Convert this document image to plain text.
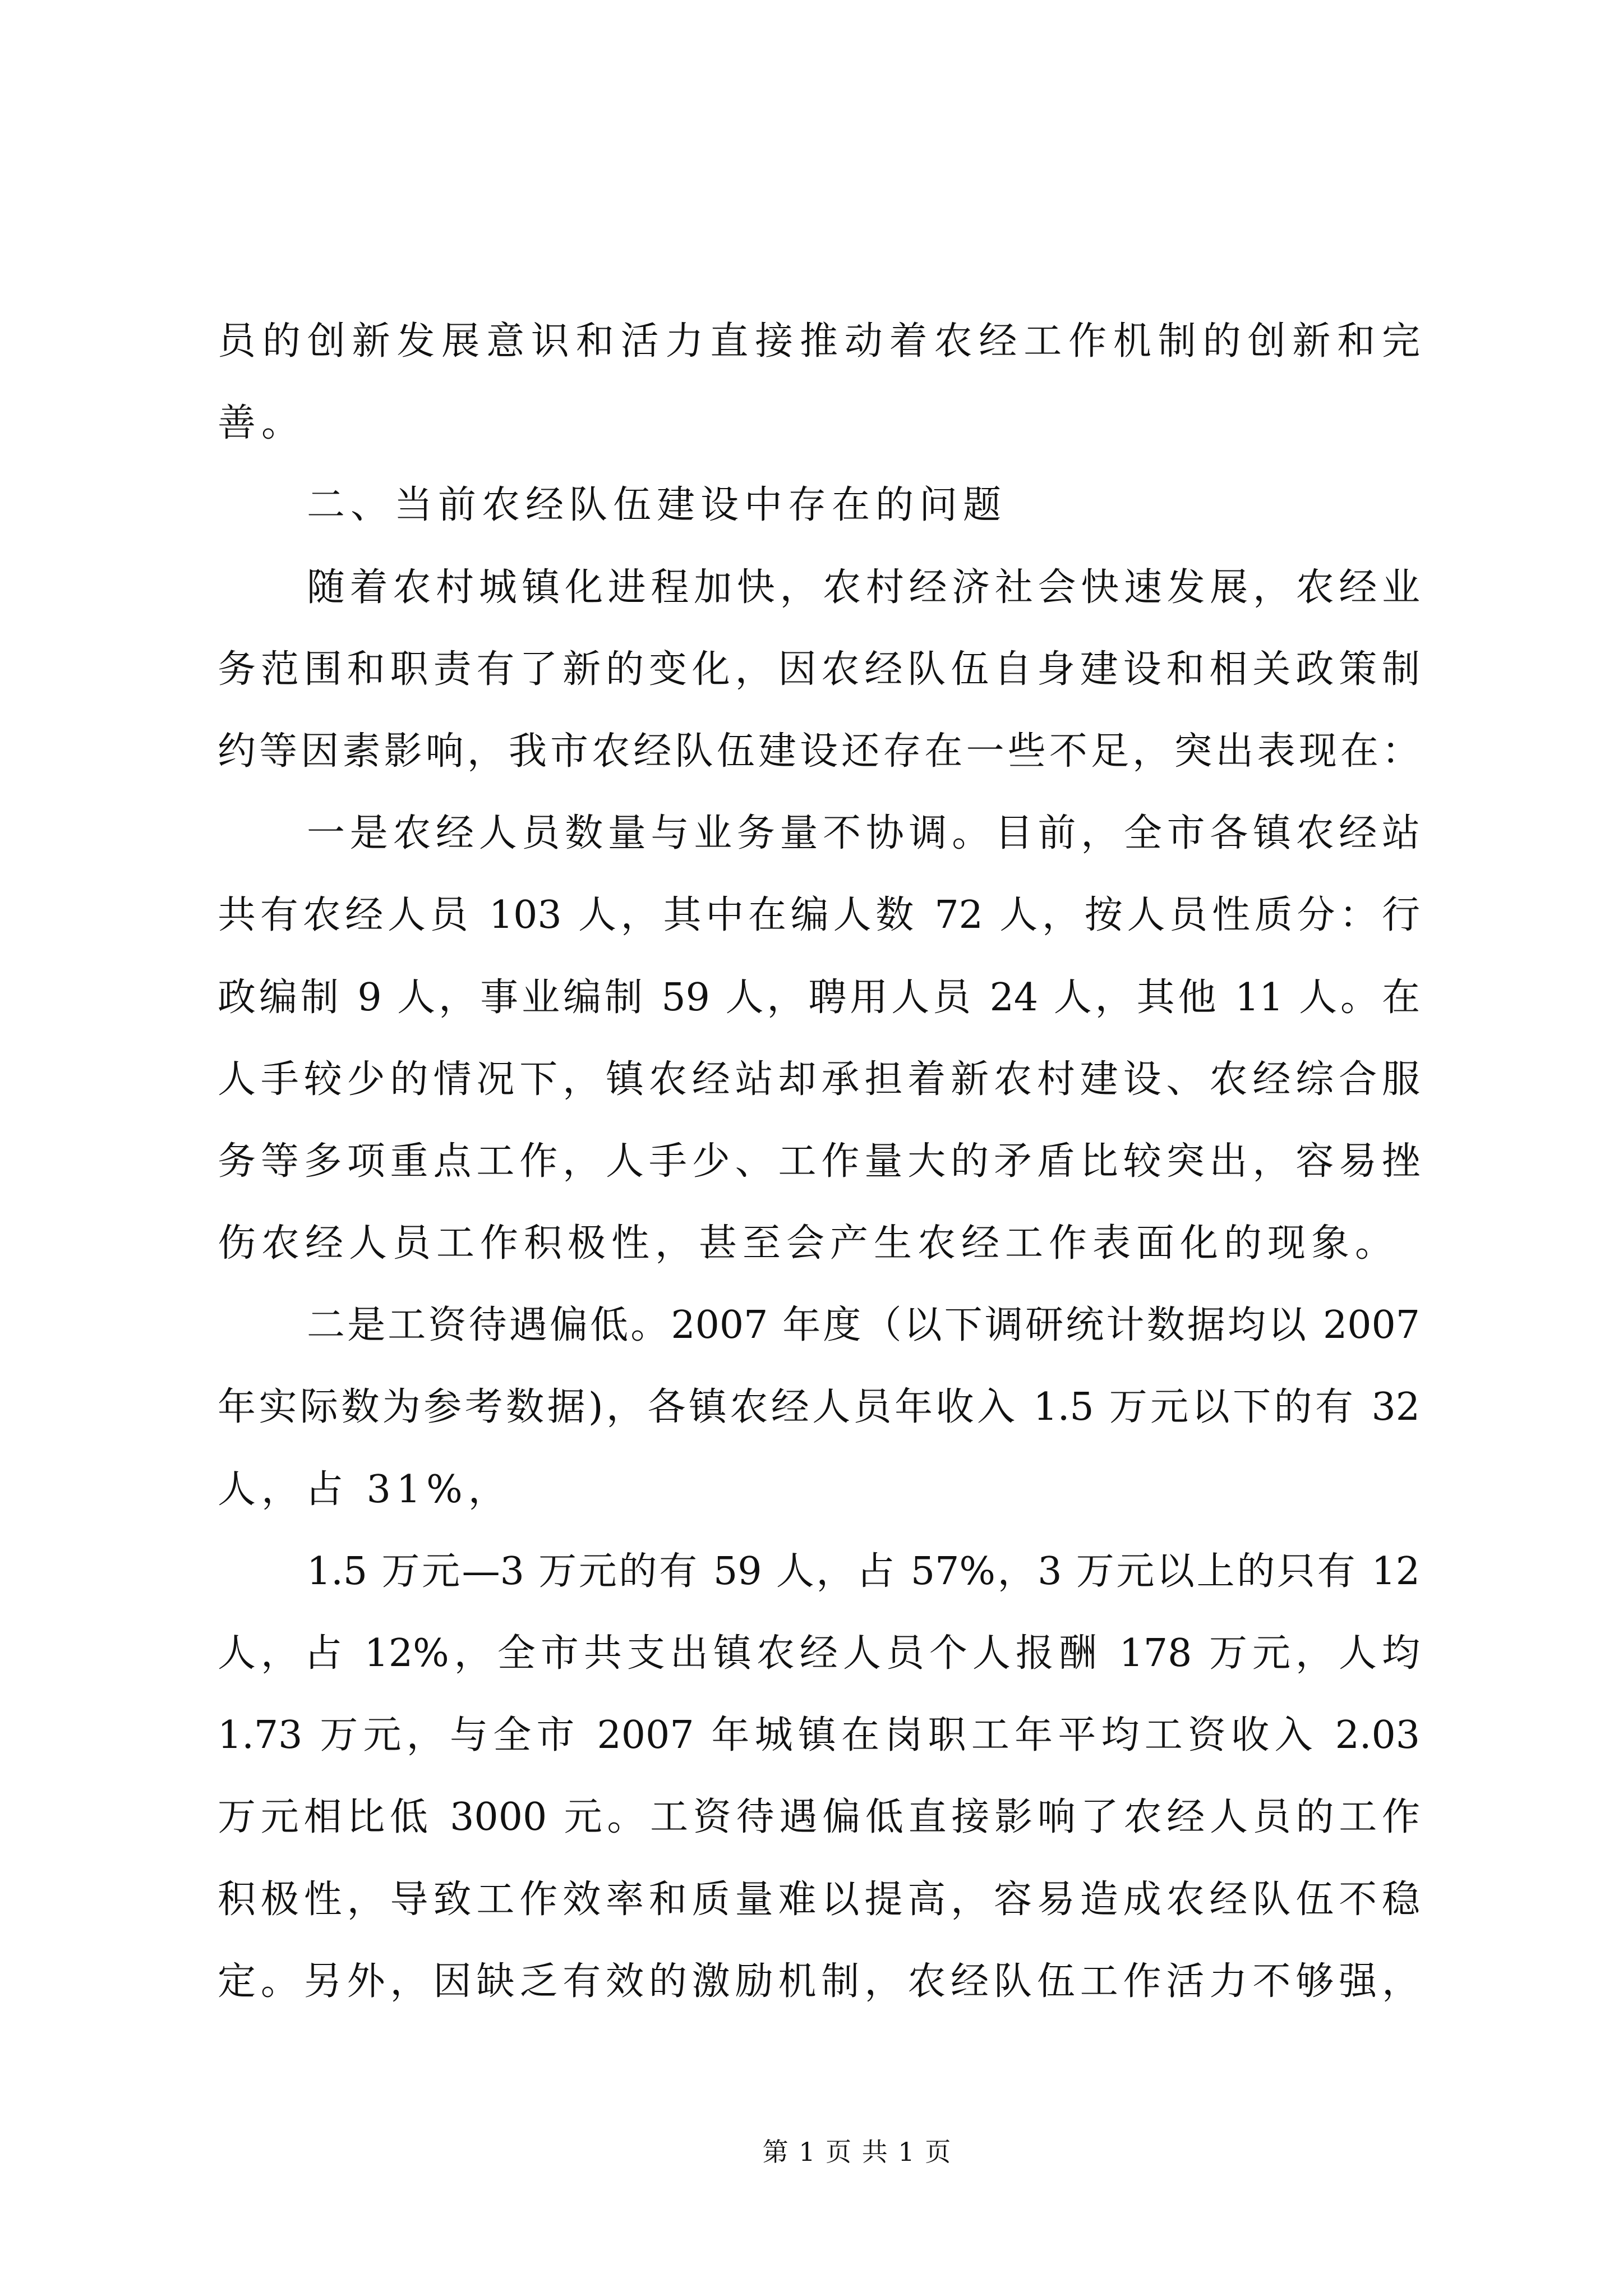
员的创新发展意识和活力直接推动着农经工作机制的创新和完
善。
二、当前农经队伍建设中存在的问题
随着农村城镇化进程加快，农村经济社会快速发展，农经业
务范围和职责有了新的变化，因农经队伍自身建设和相关政策制
约等因素影响，我市农经队伍建设还存在一些不足，突出表现在：
一是农经人员数量与业务量不协调。目前，全市各镇农经站
共有农经人员 103 人，其中在编人数 72 人，按人员性质分：行
政编制 9 人，事业编制 59 人，聘用人员 24 人，其他 11 人。在
人手较少的情况下，镇农经站却承担着新农村建设、农经综合服
务等多项重点工作，人手少、工作量大的矛盾比较突出，容易挫
伤农经人员工作积极性，甚至会产生农经工作表面化的现象。
二是工资待遇偏低。2007 年度（以下调研统计数据均以 2007
年实际数为参考数据)，各镇农经人员年收入 1.5 万元以下的有 32
人，占 31%，
1.5 万元—3 万元的有 59 人，占 57%，3 万元以上的只有 12
人，占 12%，全市共支出镇农经人员个人报酬 178 万元，人均
1.73 万元，与全市 2007 年城镇在岗职工年平均工资收入 2.03
万元相比低 3000 元。工资待遇偏低直接影响了农经人员的工作
积极性，导致工作效率和质量难以提高，容易造成农经队伍不稳
定。另外，因缺乏有效的激励机制，农经队伍工作活力不够强，
第 1 页 共 1 页
